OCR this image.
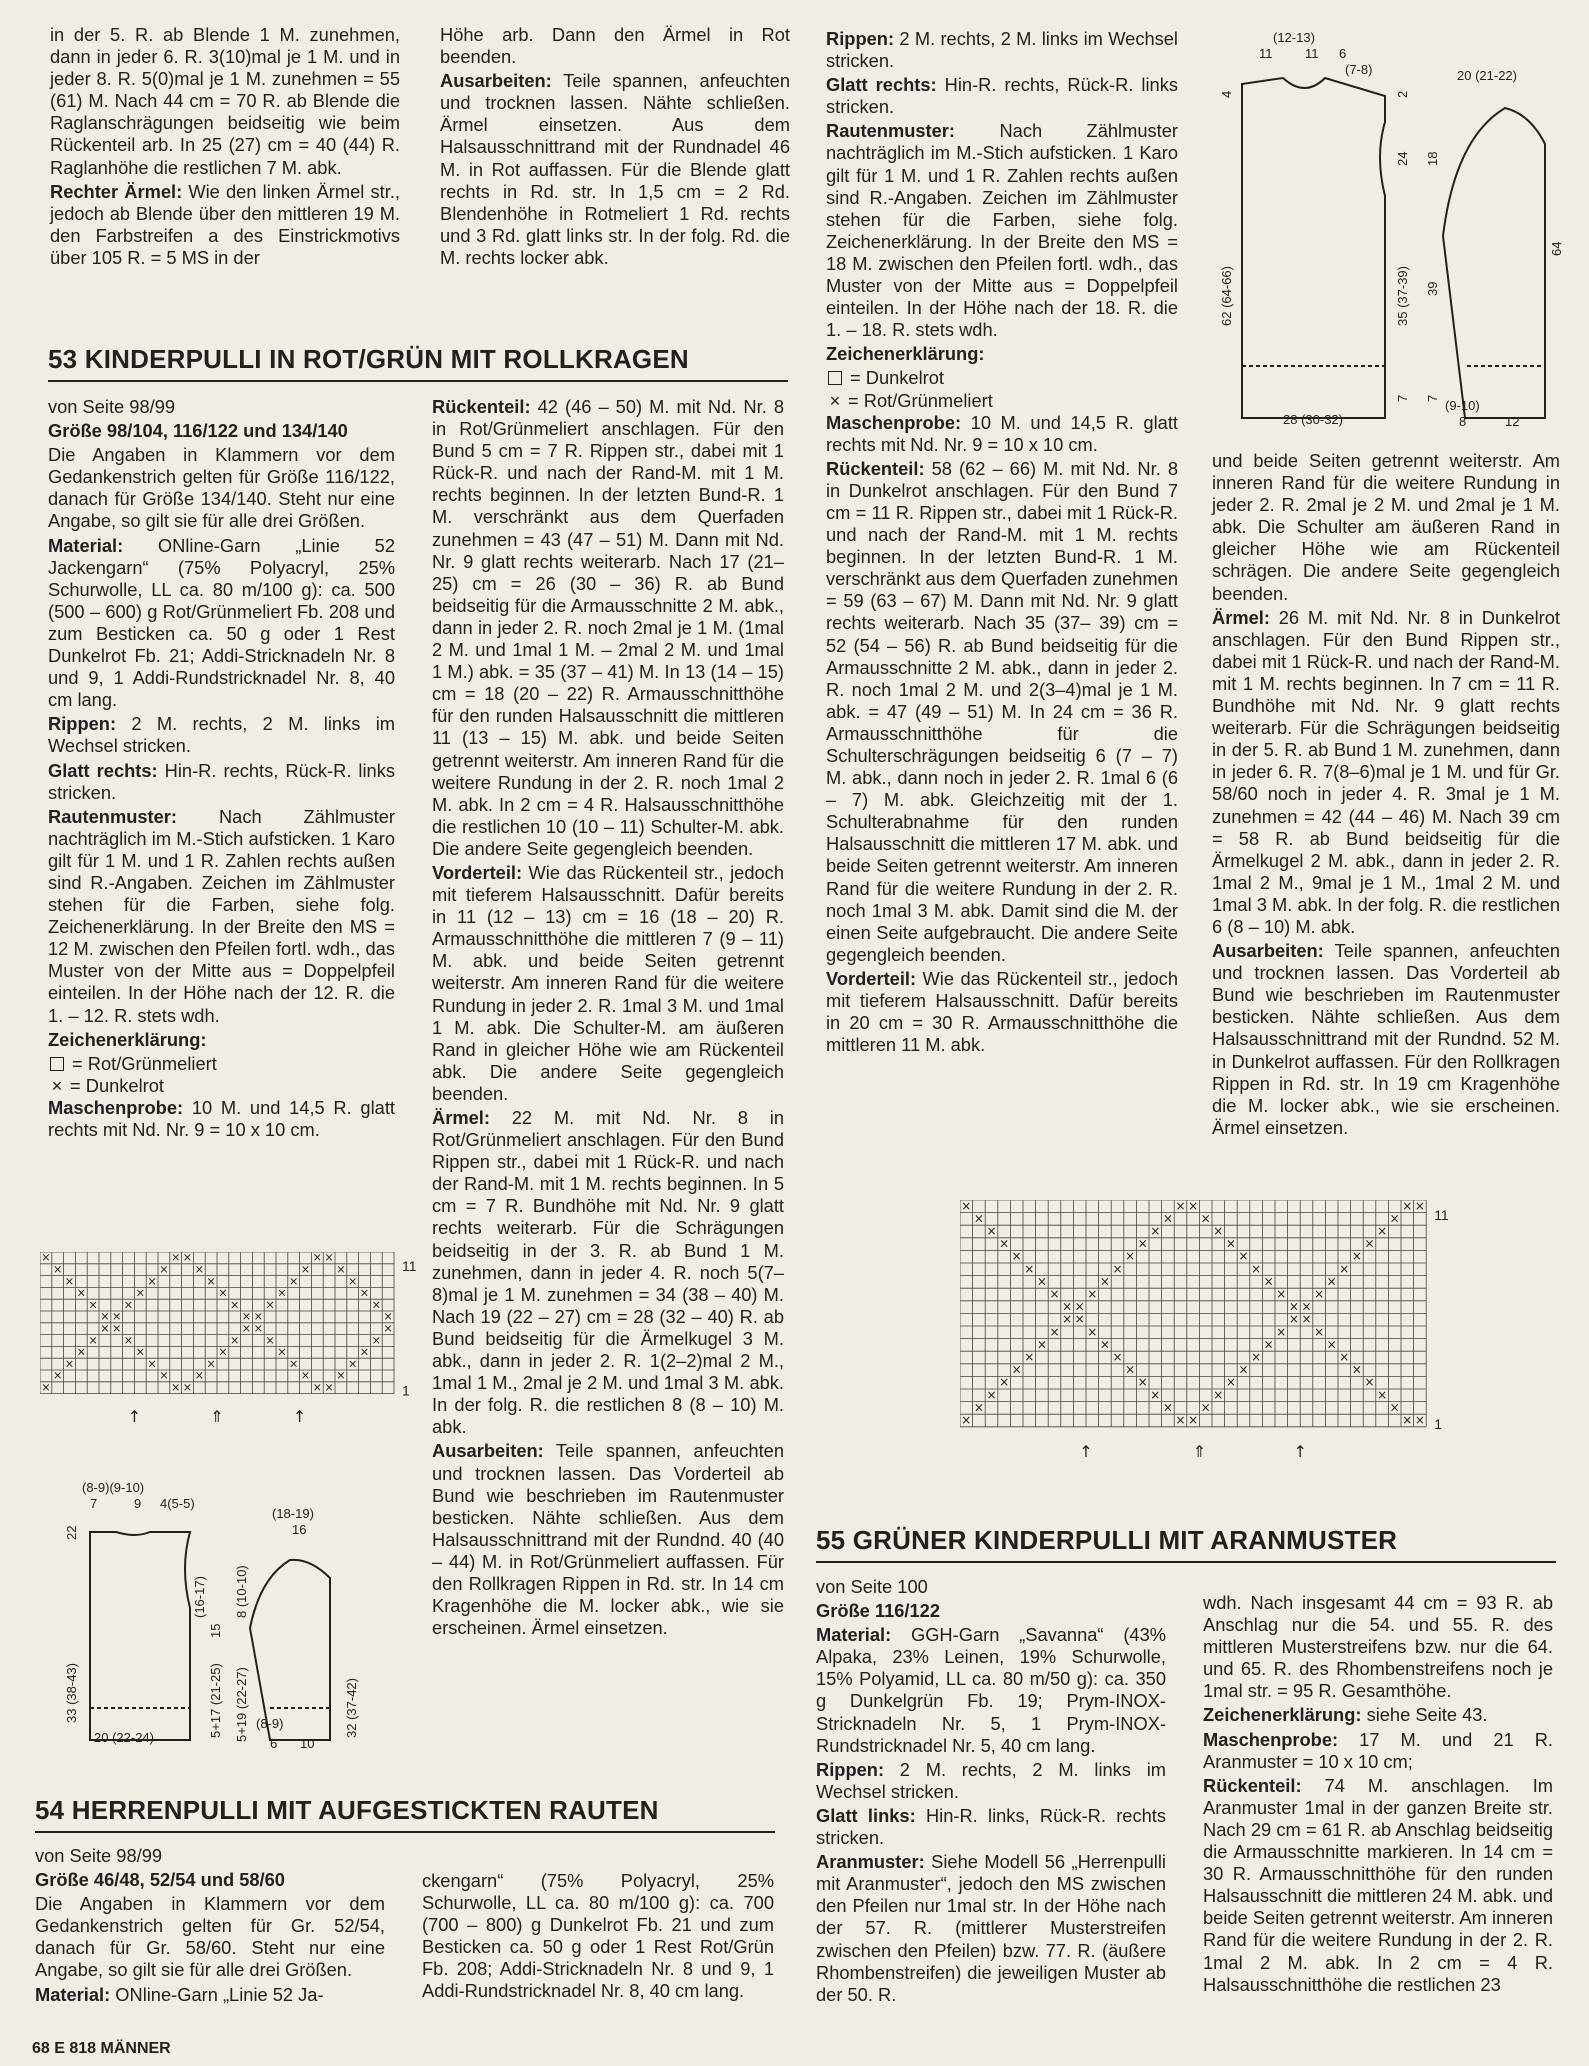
in der 5. R. ab Blende 1 M. zunehmen, dann in jeder 6. R. 3(10)mal je 1 M. und in jeder 8. R. 5(0)mal je 1 M. zunehmen = 55 (61) M. Nach 44 cm = 70 R. ab Blende die Raglanschrägungen beidseitig wie beim Rückenteil arb. In 25 (27) cm = 40 (44) R. Raglanhöhe die restlichen 7 M. abk.

Rechter Ärmel: Wie den linken Ärmel str., jedoch ab Blende über den mittleren 19 M. den Farbstreifen a des Einstrickmotivs über 105 R. = 5 MS in der

Höhe arb. Dann den Ärmel in Rot beenden.

Ausarbeiten: Teile spannen, anfeuchten und trocknen lassen. Nähte schließen. Ärmel einsetzen. Aus dem Halsausschnittrand mit der Rundnadel 46 M. in Rot auffassen. Für die Blende glatt rechts in Rd. str. In 1,5 cm = 2 Rd. Blendenhöhe in Rotmeliert 1 Rd. rechts und 3 Rd. glatt links str. In der folg. Rd. die M. rechts locker abk.

53 KINDERPULLI IN ROT/GRÜN MIT ROLLKRAGEN

von Seite 98/99

Größe 98/104, 116/122 und 134/140

Die Angaben in Klammern vor dem Gedankenstrich gelten für Größe 116/122, danach für Größe 134/140. Steht nur eine Angabe, so gilt sie für alle drei Größen.

Material: ONline-Garn „Linie 52 Jackengarn“ (75% Polyacryl, 25% Schurwolle, LL ca. 80 m/100 g): ca. 500 (500 – 600) g Rot/Grünmeliert Fb. 208 und zum Besticken ca. 50 g oder 1 Rest Dunkelrot Fb. 21; Addi-Stricknadeln Nr. 8 und 9, 1 Addi-Rundstricknadel Nr. 8, 40 cm lang.

Rippen: 2 M. rechts, 2 M. links im Wechsel stricken.

Glatt rechts: Hin-R. rechts, Rück-R. links stricken.

Rautenmuster: Nach Zählmuster nachträglich im M.-Stich aufsticken. 1 Karo gilt für 1 M. und 1 R. Zahlen rechts außen sind R.-Angaben. Zeichen im Zählmuster stehen für die Farben, siehe folg. Zeichenerklärung. In der Breite den MS = 12 M. zwischen den Pfeilen fortl. wdh., das Muster von der Mitte aus = Doppelpfeil einteilen. In der Höhe nach der 12. R. die 1. – 12. R. stets wdh.

Zeichenerklärung:

= Rot/Grünmeliert
× = Dunkelrot

Maschenprobe: 10 M. und 14,5 R. glatt rechts mit Nd. Nr. 9 = 10 x 10 cm.

×
×
×
×
×
×
×
×
×
×
×
×
×
×
×
×
×
×
×
×
×
×
×
×
×
×
×
×
×
×
×
×
×
×
×
×
×
×
×
×
×
×
×
×
×
×
×
×
×
×
×
×
×
×
×
×
×
×
×
×
11
1
↑	⇑	↑
(8-9)(9-10)
7	9 4(5-5)
22
33 (38-43)
(16-17)
15
5+17 (21-25)
20 (22-24)
(18-19)
16
8 (10-10)
5+19 (22-27)	32 (37-42)
(8-9)
6 10

Rückenteil: 42 (46 – 50) M. mit Nd. Nr. 8 in Rot/Grünmeliert anschlagen. Für den Bund 5 cm = 7 R. Rippen str., dabei mit 1 Rück-R. und nach der Rand-M. mit 1 M. rechts beginnen. In der letzten Bund-R. 1 M. verschränkt aus dem Querfaden zunehmen = 43 (47 – 51) M. Dann mit Nd. Nr. 9 glatt rechts weiterarb. Nach 17 (21– 25) cm = 26 (30 – 36) R. ab Bund beidseitig für die Armausschnitte 2 M. abk., dann in jeder 2. R. noch 2mal je 1 M. (1mal 2 M. und 1mal 1 M. – 2mal 2 M. und 1mal 1 M.) abk. = 35 (37 – 41) M. In 13 (14 – 15) cm = 18 (20 – 22) R. Armausschnitthöhe für den runden Halsausschnitt die mittleren 11 (13 – 15) M. abk. und beide Seiten getrennt weiterstr. Am inneren Rand für die weitere Rundung in der 2. R. noch 1mal 2 M. abk. In 2 cm = 4 R. Halsausschnitthöhe die restlichen 10 (10 – 11) Schulter-M. abk. Die andere Seite gegengleich beenden.

Vorderteil: Wie das Rückenteil str., jedoch mit tieferem Halsausschnitt. Dafür bereits in 11 (12 – 13) cm = 16 (18 – 20) R. Armausschnitthöhe die mittleren 7 (9 – 11) M. abk. und beide Seiten getrennt weiterstr. Am inneren Rand für die weitere Rundung in jeder 2. R. 1mal 3 M. und 1mal 1 M. abk. Die Schulter-M. am äußeren Rand in gleicher Höhe wie am Rückenteil abk. Die andere Seite gegengleich beenden.

Ärmel: 22 M. mit Nd. Nr. 8 in Rot/Grünmeliert anschlagen. Für den Bund Rippen str., dabei mit 1 Rück-R. und nach der Rand-M. mit 1 M. rechts beginnen. In 5 cm = 7 R. Bundhöhe mit Nd. Nr. 9 glatt rechts weiterarb. Für die Schrägungen beidseitig in der 3. R. ab Bund 1 M. zunehmen, dann in jeder 4. R. noch 5(7–8)mal je 1 M. zunehmen = 34 (38 – 40) M. Nach 19 (22 – 27) cm = 28 (32 – 40) R. ab Bund beidseitig für die Ärmelkugel 3 M. abk., dann in jeder 2. R. 1(2–2)mal 2 M., 1mal 1 M., 2mal je 2 M. und 1mal 3 M. abk. In der folg. R. die restlichen 8 (8 – 10) M. abk.

Ausarbeiten: Teile spannen, anfeuchten und trocknen lassen. Das Vorderteil ab Bund wie beschrieben im Rautenmuster besticken. Nähte schließen. Aus dem Halsausschnittrand mit der Rundnd. 40 (40 – 44) M. in Rot/Grünmeliert auffassen. Für den Rollkragen Rippen in Rd. str. In 14 cm Kragenhöhe die M. locker abk., wie sie erscheinen. Ärmel einsetzen.

54 HERRENPULLI MIT AUFGESTICKTEN RAUTEN

von Seite 98/99

Größe 46/48, 52/54 und 58/60

Die Angaben in Klammern vor dem Gedankenstrich gelten für Gr. 52/54, danach für Gr. 58/60. Steht nur eine Angabe, so gilt sie für alle drei Größen.

Material: ONline-Garn „Linie 52 Ja-

ckengarn“ (75% Polyacryl, 25% Schurwolle, LL ca. 80 m/100 g): ca. 700 (700 – 800) g Dunkelrot Fb. 21 und zum Besticken ca. 50 g oder 1 Rest Rot/Grün Fb. 208; Addi-Stricknadeln Nr. 8 und 9, 1 Addi-Rundstricknadel Nr. 8, 40 cm lang.

Rippen: 2 M. rechts, 2 M. links im Wechsel stricken.

Glatt rechts: Hin-R. rechts, Rück-R. links stricken.

Rautenmuster: Nach Zählmuster nachträglich im M.-Stich aufsticken. 1 Karo gilt für 1 M. und 1 R. Zahlen rechts außen sind R.-Angaben. Zeichen im Zählmuster stehen für die Farben, siehe folg. Zeichenerklärung. In der Breite den MS = 18 M. zwischen den Pfeilen fortl. wdh., das Muster von der Mitte aus = Doppelpfeil einteilen. In der Höhe nach der 18. R. die 1. – 18. R. stets wdh.

Zeichenerklärung:

= Dunkelrot
× = Rot/Grünmeliert

Maschenprobe: 10 M. und 14,5 R. glatt rechts mit Nd. Nr. 9 = 10 x 10 cm.

Rückenteil: 58 (62 – 66) M. mit Nd. Nr. 8 in Dunkelrot anschlagen. Für den Bund 7 cm = 11 R. Rippen str., dabei mit 1 Rück-R. und nach der Rand-M. mit 1 M. rechts beginnen. In der letzten Bund-R. 1 M. verschränkt aus dem Querfaden zunehmen = 59 (63 – 67) M. Dann mit Nd. Nr. 9 glatt rechts weiterarb. Nach 35 (37– 39) cm = 52 (54 – 56) R. ab Bund beidseitig für die Armausschnitte 2 M. abk., dann in jeder 2. R. noch 1mal 2 M. und 2(3–4)mal je 1 M. abk. = 47 (49 – 51) M. In 24 cm = 36 R. Armausschnitthöhe für die Schulterschrägungen beidseitig 6 (7 – 7) M. abk., dann noch in jeder 2. R. 1mal 6 (6 – 7) M. abk. Gleichzeitig mit der 1. Schulterabnahme für den runden Halsausschnitt die mittleren 17 M. abk. und beide Seiten getrennt weiterstr. Am inneren Rand für die weitere Rundung in der 2. R. noch 1mal 3 M. abk. Damit sind die M. der einen Seite aufgebraucht. Die andere Seite gegengleich beenden.

Vorderteil: Wie das Rückenteil str., jedoch mit tieferem Halsausschnitt. Dafür bereits in 20 cm = 30 R. Armausschnitthöhe die mittleren 11 M. abk.

(12-13)
11	11 6
(7-8)
4	2
62 (64-66)
24
35 (37-39)
7
28 (30-32)
20 (21-22)
18
39
7
64
(9-10)
8	12

und beide Seiten getrennt weiterstr. Am inneren Rand für die weitere Rundung in jeder 2. R. 2mal je 2 M. und 2mal je 1 M. abk. Die Schulter am äußeren Rand in gleicher Höhe wie am Rückenteil schrägen. Die andere Seite gegengleich beenden.

Ärmel: 26 M. mit Nd. Nr. 8 in Dunkelrot anschlagen. Für den Bund Rippen str., dabei mit 1 Rück-R. und nach der Rand-M. mit 1 M. rechts beginnen. In 7 cm = 11 R. Bundhöhe mit Nd. Nr. 9 glatt rechts weiterarb. Für die Schrägungen beidseitig in der 5. R. ab Bund 1 M. zunehmen, dann in jeder 6. R. 7(8–6)mal je 1 M. und für Gr. 58/60 noch in jeder 4. R. 3mal je 1 M. zunehmen = 42 (44 – 46) M. Nach 39 cm = 58 R. ab Bund beidseitig für die Ärmelkugel 2 M. abk., dann in jeder 2. R. 1mal 2 M., 9mal je 1 M., 1mal 2 M. und 1mal 3 M. abk. In der folg. R. die restlichen 6 (8 – 10) M. abk.

Ausarbeiten: Teile spannen, anfeuchten und trocknen lassen. Das Vorderteil ab Bund wie beschrieben im Rautenmuster besticken. Nähte schließen. Aus dem Halsausschnittrand mit der Rundnd. 52 M. in Dunkelrot auffassen. Für den Rollkragen Rippen in Rd. str. In 19 cm Kragenhöhe die M. locker abk., wie sie erscheinen. Ärmel einsetzen.

×
×
×
×
×
×
×
×
×
×
×
×
×
×
×
×
×
×
×
×
×
×
×
×
×
×
×
×
×
×
×
×
×
×
×
×
×
×
×
×
×
×
×
×
×
×
×
×
×
×
×
×
×
×
×
×
×
×
×
×
×
×
×
×
×
×
×
×
×
×
×
×
×
×
11
1
↑	⇑	↑
55 GRÜNER KINDERPULLI MIT ARANMUSTER

von Seite 100

Größe 116/122

Material: GGH-Garn „Savanna“ (43% Alpaka, 23% Leinen, 19% Schurwolle, 15% Polyamid, LL ca. 80 m/50 g): ca. 350 g Dunkelgrün Fb. 19; Prym-INOX-Stricknadeln Nr. 5, 1 Prym-INOX-Rundstricknadel Nr. 5, 40 cm lang.

Rippen: 2 M. rechts, 2 M. links im Wechsel stricken.

Glatt links: Hin-R. links, Rück-R. rechts stricken.

Aranmuster: Siehe Modell 56 „Herrenpulli mit Aranmuster“, jedoch den MS zwischen den Pfeilen nur 1mal str. In der Höhe nach der 57. R. (mittlerer Musterstreifen zwischen den Pfeilen) bzw. 77. R. (äußere Rhombenstreifen) die jeweiligen Muster ab der 50. R.

wdh. Nach insgesamt 44 cm = 93 R. ab Anschlag nur die 54. und 55. R. des mittleren Musterstreifens bzw. nur die 64. und 65. R. des Rhombenstreifens noch je 1mal str. = 95 R. Gesamthöhe.

Zeichenerklärung: siehe Seite 43.

Maschenprobe: 17 M. und 21 R. Aranmuster = 10 x 10 cm;

Rückenteil: 74 M. anschlagen. Im Aranmuster 1mal in der ganzen Breite str. Nach 29 cm = 61 R. ab Anschlag beidseitig die Armausschnitte markieren. In 14 cm = 30 R. Armausschnitthöhe für den runden Halsausschnitt die mittleren 24 M. abk. und beide Seiten getrennt weiterstr. Am inneren Rand für die weitere Rundung in der 2. R. 1mal 2 M. abk. In 2 cm = 4 R. Halsausschnitthöhe die restlichen 23

68 E 818 MÄNNER
